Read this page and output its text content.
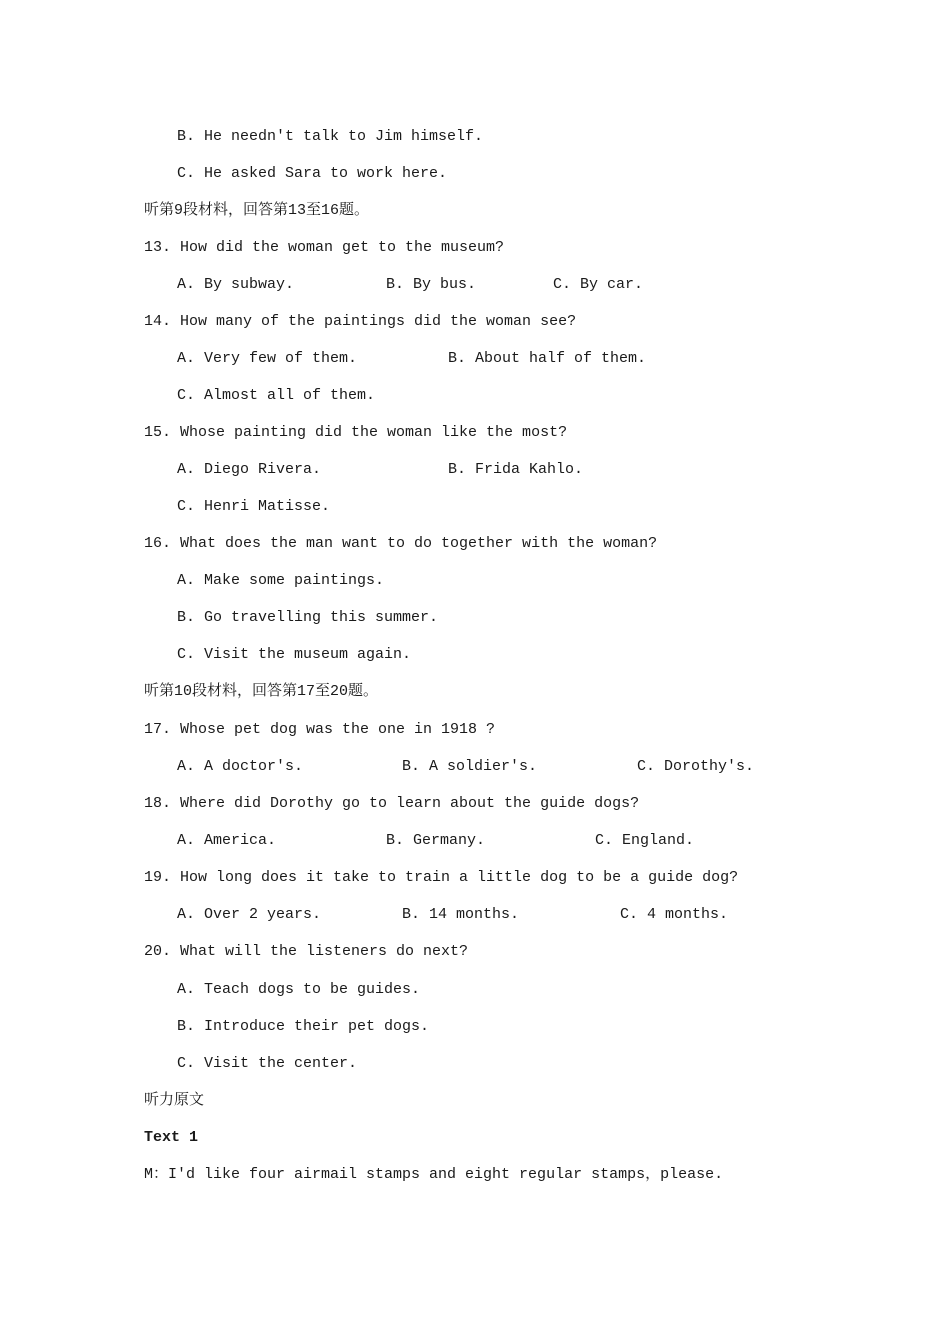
B. He needn't talk to Jim himself.
C. He asked Sara to work here.
听第9段材料，回答第13至16题。
13. How did the woman get to the museum?
A. By subway.	B. By bus.	C. By car.
14. How many of the paintings did the woman see?
A. Very few of them.	B. About half of them.
C. Almost all of them.
15. Whose painting did the woman like the most?
A. Diego Rivera.	B. Frida Kahlo.
C. Henri Matisse.
16. What does the man want to do together with the woman?
A. Make some paintings.
B. Go travelling this summer.
C. Visit the museum again.
听第10段材料，回答第17至20题。
17. Whose pet dog was the one in 1918 ?
A. A doctor's.	B. A soldier's.	C. Dorothy's.
18. Where did Dorothy go to learn about the guide dogs?
A. America.	B. Germany.	C. England.
19. How long does it take to train a little dog to be a guide dog?
A. Over 2 years.	B. 14 months.	C. 4 months.
20. What will the listeners do next?
A. Teach dogs to be guides.
B. Introduce their pet dogs.
C. Visit the center.
听力原文
Text 1
M：I'd like four airmail stamps and eight regular stamps，please.
